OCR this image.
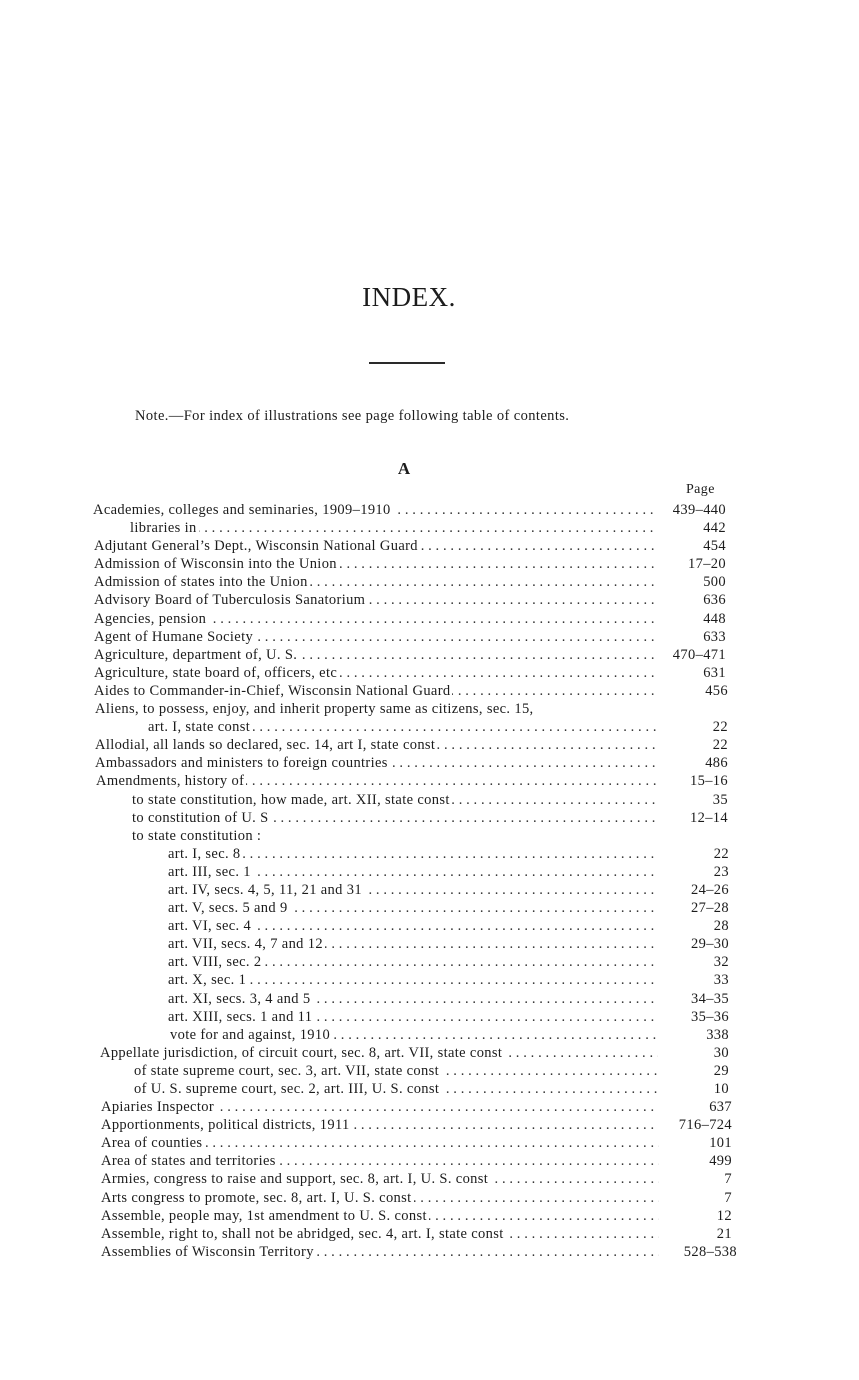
INDEX.
Note.—For index of illustrations see page following table of contents.
A
Page
Academies, colleges and seminaries, 1909–1910 .....	439–440
libraries in .....	442
Adjutant General’s Dept., Wisconsin National Guard .....	454
Admission of Wisconsin into the Union .....	17–20
Admission of states into the Union .....	500
Advisory Board of Tuberculosis Sanatorium .....	636
Agencies, pension .....	448
Agent of Humane Society .....	633
Agriculture, department of, U. S. .....	470–471
Agriculture, state board of, officers, etc .....	631
Aides to Commander-in-Chief, Wisconsin National Guard .....	456
Aliens, to possess, enjoy, and inherit property same as citizens, sec. 15,
art. I, state const .....	22
Allodial, all lands so declared, sec. 14, art I, state const .....	22
Ambassadors and ministers to foreign countries .....	486
Amendments, history of .....	15–16
to state constitution, how made, art. XII, state const .....	35
to constitution of U. S .....	12–14
to state constitution :
art. I, sec. 8 .....	22
art. III, sec. 1 .....	23
art. IV, secs. 4, 5, 11, 21 and 31 .....	24–26
art. V, secs. 5 and 9 .....	27–28
art. VI, sec. 4 .....	28
art. VII, secs. 4, 7 and 12 .....	29–30
art. VIII, sec. 2 .....	32
art. X, sec. 1 .....	33
art. XI, secs. 3, 4 and 5 .....	34–35
art. XIII, secs. 1 and 11 .....	35–36
vote for and against, 1910 .....	338
Appellate jurisdiction, of circuit court, sec. 8, art. VII, state const .....	30
of state supreme court, sec. 3, art. VII, state const .....	29
of U. S. supreme court, sec. 2, art. III, U. S. const .....	10
Apiaries Inspector .....	637
Apportionments, political districts, 1911 .....	716–724
Area of counties .....	101
Area of states and territories .....	499
Armies, congress to raise and support, sec. 8, art. I, U. S. const .....	7
Arts congress to promote, sec. 8, art. I, U. S. const .....	7
Assemble, people may, 1st amendment to U. S. const .....	12
Assemble, right to, shall not be abridged, sec. 4, art. I, state const .....	21
Assemblies of Wisconsin Territory .....	528–538
